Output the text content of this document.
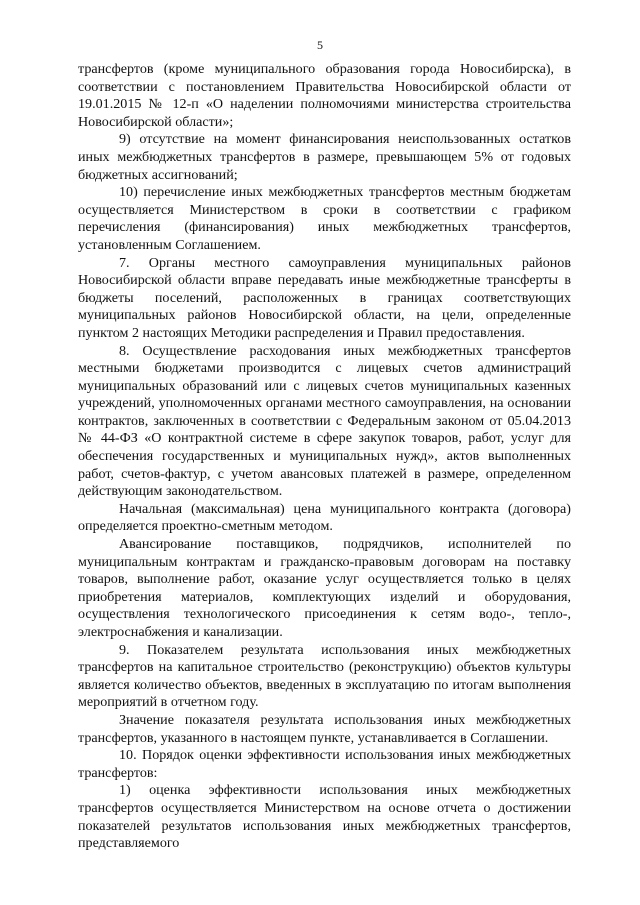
5

трансфертов (кроме муниципального образования города Новосибирска), в соответствии с постановлением Правительства Новосибирской области от 19.01.2015 № 12-п «О наделении полномочиями министерства строительства Новосибирской области»;

9) отсутствие на момент финансирования неиспользованных остатков иных межбюджетных трансфертов в размере, превышающем 5% от годовых бюджетных ассигнований;

10) перечисление иных межбюджетных трансфертов местным бюджетам осуществляется Министерством в сроки в соответствии с графиком перечисления (финансирования) иных межбюджетных трансфертов, установленным Соглашением.

7. Органы местного самоуправления муниципальных районов Новосибирской области вправе передавать иные межбюджетные трансферты в бюджеты поселений, расположенных в границах соответствующих муниципальных районов Новосибирской области, на цели, определенные пунктом 2 настоящих Методики распределения и Правил предоставления.

8. Осуществление расходования иных межбюджетных трансфертов местными бюджетами производится с лицевых счетов администраций муниципальных образований или с лицевых счетов муниципальных казенных учреждений, уполномоченных органами местного самоуправления, на основании контрактов, заключенных в соответствии с Федеральным законом от 05.04.2013 № 44-ФЗ «О контрактной системе в сфере закупок товаров, работ, услуг для обеспечения государственных и муниципальных нужд», актов выполненных работ, счетов-фактур, с учетом авансовых платежей в размере, определенном действующим законодательством.

Начальная (максимальная) цена муниципального контракта (договора) определяется проектно-сметным методом.

Авансирование поставщиков, подрядчиков, исполнителей по муниципальным контрактам и гражданско-правовым договорам на поставку товаров, выполнение работ, оказание услуг осуществляется только в целях приобретения материалов, комплектующих изделий и оборудования, осуществления технологического присоединения к сетям водо-, тепло-, электроснабжения и канализации.

9. Показателем результата использования иных межбюджетных трансфертов на капитальное строительство (реконструкцию) объектов культуры является количество объектов, введенных в эксплуатацию по итогам выполнения мероприятий в отчетном году.

Значение показателя результата использования иных межбюджетных трансфертов, указанного в настоящем пункте, устанавливается в Соглашении.

10. Порядок оценки эффективности использования иных межбюджетных трансфертов:

1) оценка эффективности использования иных межбюджетных трансфертов осуществляется Министерством на основе отчета о достижении показателей результатов использования иных межбюджетных трансфертов, представляемого
